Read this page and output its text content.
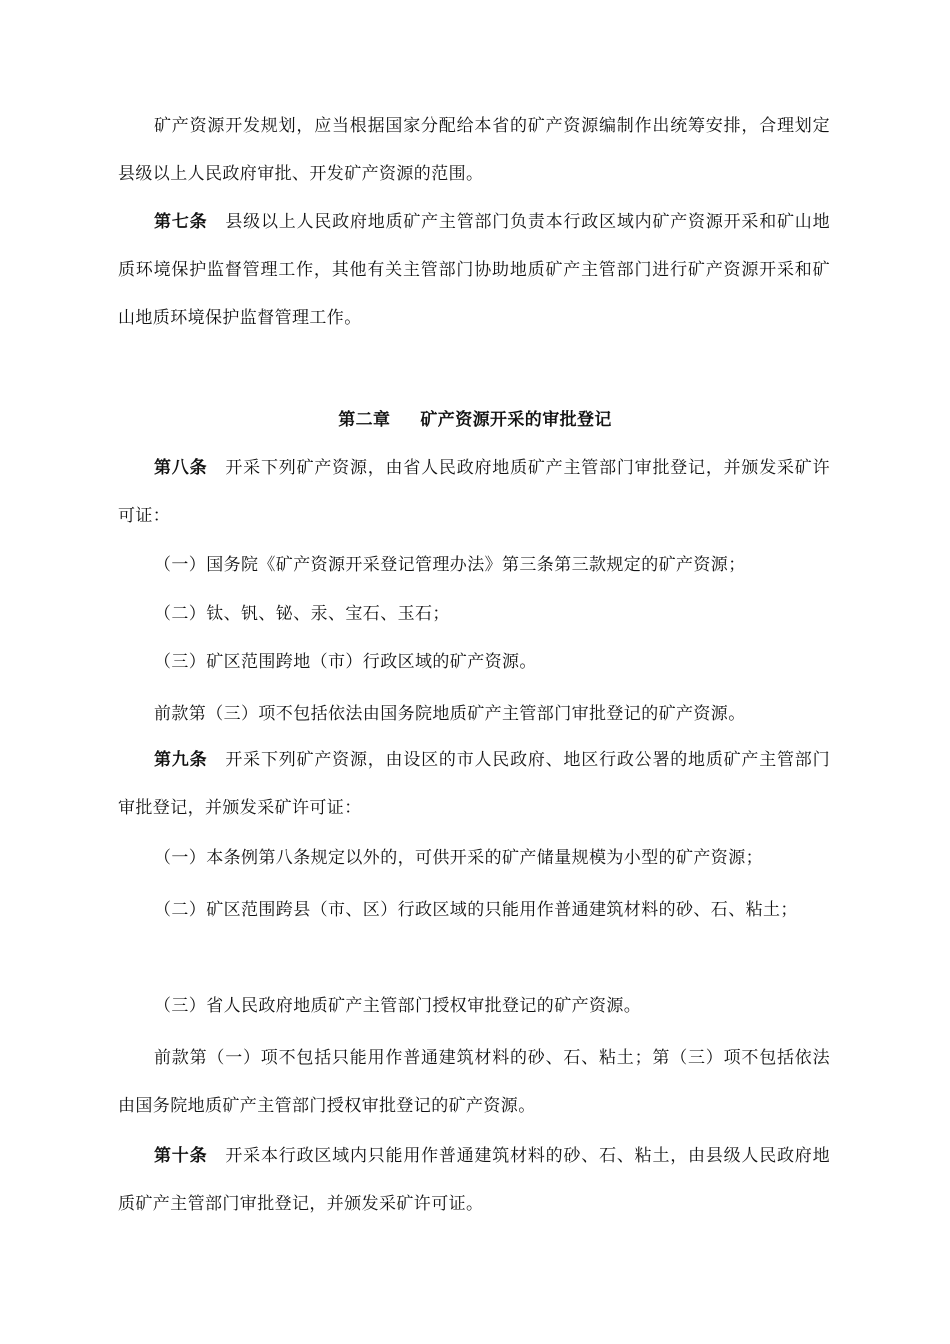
矿产资源开发规划，应当根据国家分配给本省的矿产资源编制作出统筹安排，合理划定县级以上人民政府审批、开发矿产资源的范围。

第七条 县级以上人民政府地质矿产主管部门负责本行政区域内矿产资源开采和矿山地质环境保护监督管理工作，其他有关主管部门协助地质矿产主管部门进行矿产资源开采和矿山地质环境保护监督管理工作。

第二章 矿产资源开采的审批登记

第八条 开采下列矿产资源，由省人民政府地质矿产主管部门审批登记，并颁发采矿许可证：

（一）国务院《矿产资源开采登记管理办法》第三条第三款规定的矿产资源；

（二）钛、钒、铋、汞、宝石、玉石；

（三）矿区范围跨地（市）行政区域的矿产资源。

前款第（三）项不包括依法由国务院地质矿产主管部门审批登记的矿产资源。

第九条 开采下列矿产资源，由设区的市人民政府、地区行政公署的地质矿产主管部门审批登记，并颁发采矿许可证：

（一）本条例第八条规定以外的，可供开采的矿产储量规模为小型的矿产资源；

（二）矿区范围跨县（市、区）行政区域的只能用作普通建筑材料的砂、石、粘土；

（三）省人民政府地质矿产主管部门授权审批登记的矿产资源。

前款第（一）项不包括只能用作普通建筑材料的砂、石、粘土；第（三）项不包括依法由国务院地质矿产主管部门授权审批登记的矿产资源。

第十条 开采本行政区域内只能用作普通建筑材料的砂、石、粘土，由县级人民政府地质矿产主管部门审批登记，并颁发采矿许可证。
